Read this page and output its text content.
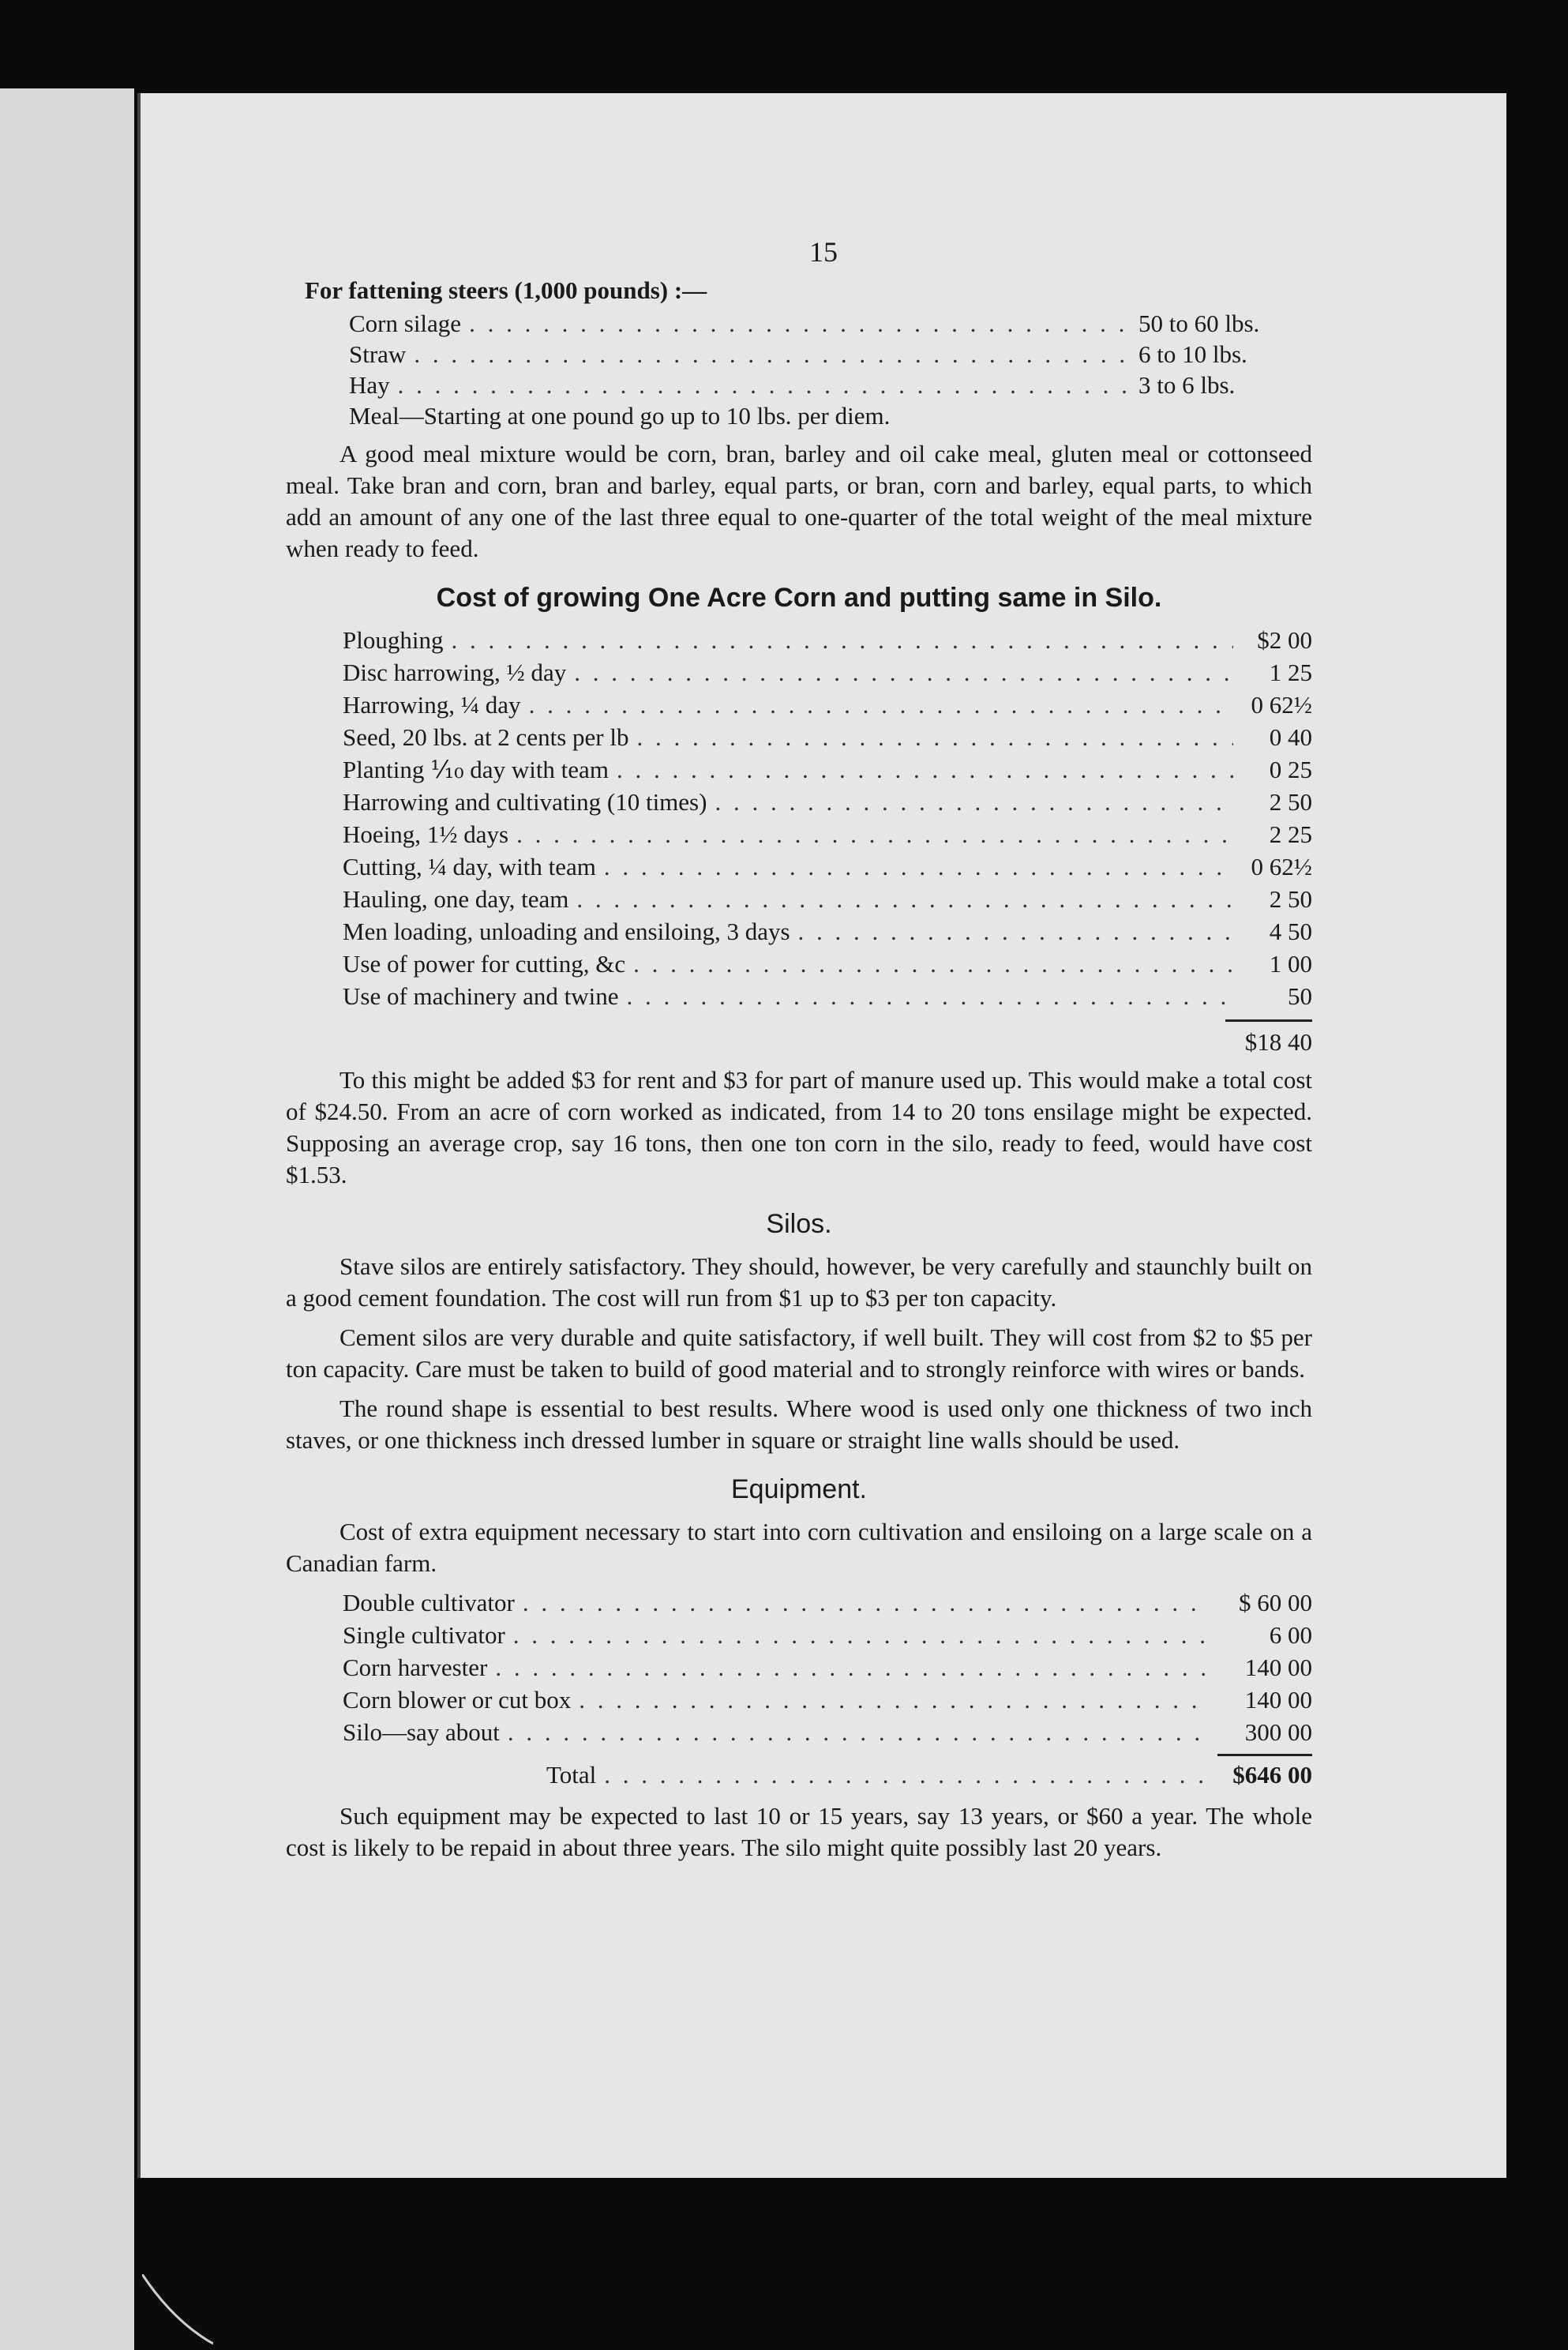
15
For fattening steers (1,000 pounds) :—
Corn silage . . .	50 to 60 lbs.
Straw . . .	6 to 10 lbs.
Hay . . .	3 to 6 lbs.
Meal—Starting at one pound go up to 10 lbs. per diem.

A good meal mixture would be corn, bran, barley and oil cake meal, gluten meal or cottonseed meal. Take bran and corn, bran and barley, equal parts, or bran, corn and barley, equal parts, to which add an amount of any one of the last three equal to one-quarter of the total weight of the meal mixture when ready to feed.

Cost of growing One Acre Corn and putting same in Silo.
Ploughing . . .	$2 00
Disc harrowing, ½ day . . .	1 25
Harrowing, ¼ day . . .	0 62½
Seed, 20 lbs. at 2 cents per lb . . .	0 40
Planting ⅒ day with team . . .	0 25
Harrowing and cultivating (10 times) . . .	2 50
Hoeing, 1½ days . . .	2 25
Cutting, ¼ day, with team . . .	0 62½
Hauling, one day, team . . .	2 50
Men loading, unloading and ensiloing, 3 days . . .	4 50
Use of power for cutting, &c . . .	1 00
Use of machinery and twine . . .	50
$18 40

To this might be added $3 for rent and $3 for part of manure used up. This would make a total cost of $24.50. From an acre of corn worked as indicated, from 14 to 20 tons ensilage might be expected. Supposing an average crop, say 16 tons, then one ton corn in the silo, ready to feed, would have cost $1.53.

Silos.

Stave silos are entirely satisfactory. They should, however, be very carefully and staunchly built on a good cement foundation. The cost will run from $1 up to $3 per ton capacity.

Cement silos are very durable and quite satisfactory, if well built. They will cost from $2 to $5 per ton capacity. Care must be taken to build of good material and to strongly reinforce with wires or bands.

The round shape is essential to best results. Where wood is used only one thickness of two inch staves, or one thickness inch dressed lumber in square or straight line walls should be used.

Equipment.

Cost of extra equipment necessary to start into corn cultivation and ensiloing on a large scale on a Canadian farm.

Double cultivator . . .	$ 60 00
Single cultivator . . .	6 00
Corn harvester . . .	140 00
Corn blower or cut box . . .	140 00
Silo—say about . . .	300 00
Total . . .	$646 00

Such equipment may be expected to last 10 or 15 years, say 13 years, or $60 a year. The whole cost is likely to be repaid in about three years. The silo might quite possibly last 20 years.
